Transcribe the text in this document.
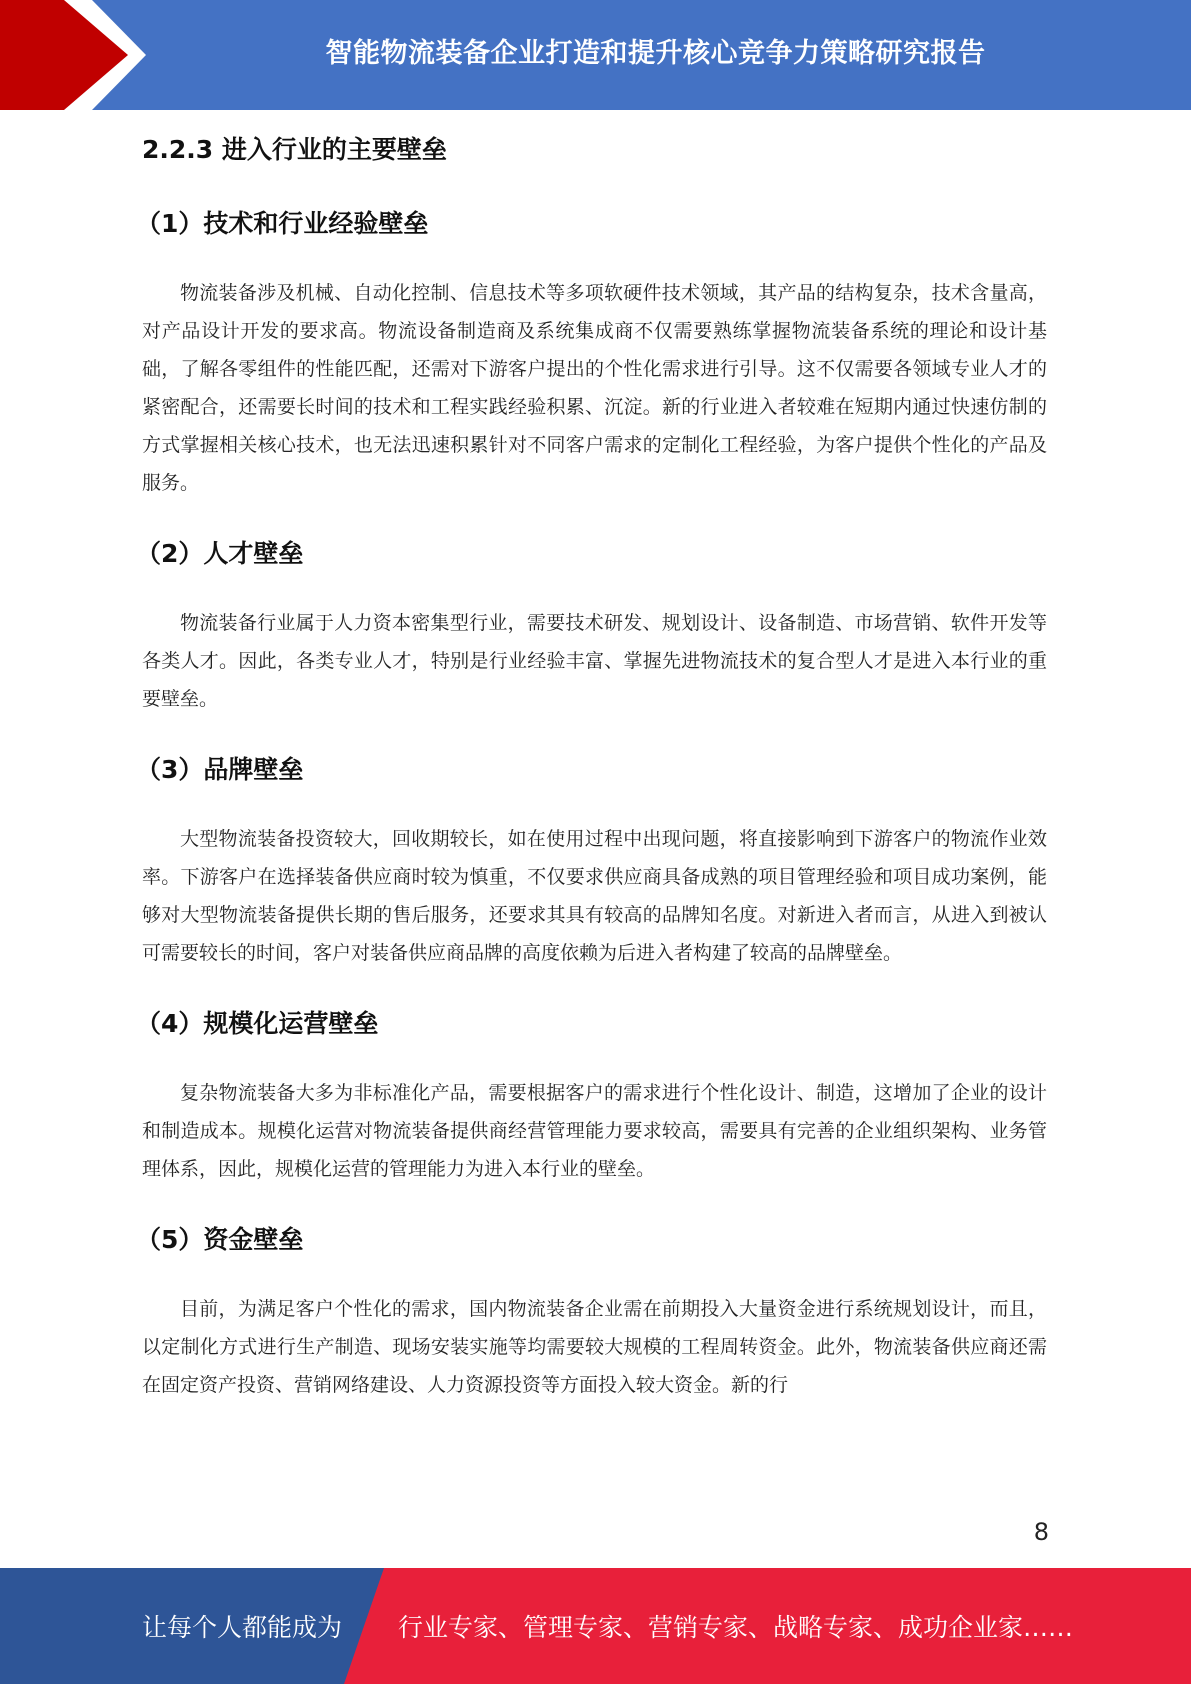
智能物流装备企业打造和提升核心竞争力策略研究报告
2.2.3 进入行业的主要壁垒
（1）技术和行业经验壁垒

物流装备涉及机械、自动化控制、信息技术等多项软硬件技术领域，其产品的结构复杂，技术含量高，对产品设计开发的要求高。物流设备制造商及系统集成商不仅需要熟练掌握物流装备系统的理论和设计基础，了解各零组件的性能匹配，还需对下游客户提出的个性化需求进行引导。这不仅需要各领域专业人才的紧密配合，还需要长时间的技术和工程实践经验积累、沉淀。新的行业进入者较难在短期内通过快速仿制的方式掌握相关核心技术，也无法迅速积累针对不同客户需求的定制化工程经验，为客户提供个性化的产品及服务。

（2）人才壁垒

物流装备行业属于人力资本密集型行业，需要技术研发、规划设计、设备制造、市场营销、软件开发等各类人才。因此，各类专业人才，特别是行业经验丰富、掌握先进物流技术的复合型人才是进入本行业的重要壁垒。

（3）品牌壁垒

大型物流装备投资较大，回收期较长，如在使用过程中出现问题，将直接影响到下游客户的物流作业效率。下游客户在选择装备供应商时较为慎重，不仅要求供应商具备成熟的项目管理经验和项目成功案例，能够对大型物流装备提供长期的售后服务，还要求其具有较高的品牌知名度。对新进入者而言，从进入到被认可需要较长的时间，客户对装备供应商品牌的高度依赖为后进入者构建了较高的品牌壁垒。

（4）规模化运营壁垒

复杂物流装备大多为非标准化产品，需要根据客户的需求进行个性化设计、制造，这增加了企业的设计和制造成本。规模化运营对物流装备提供商经营管理能力要求较高，需要具有完善的企业组织架构、业务管理体系，因此，规模化运营的管理能力为进入本行业的壁垒。

（5）资金壁垒

目前，为满足客户个性化的需求，国内物流装备企业需在前期投入大量资金进行系统规划设计，而且，以定制化方式进行生产制造、现场安装实施等均需要较大规模的工程周转资金。此外，物流装备供应商还需在固定资产投资、营销网络建设、人力资源投资等方面投入较大资金。新的行

8
让每个人都能成为 行业专家、管理专家、营销专家、战略专家、成功企业家……
